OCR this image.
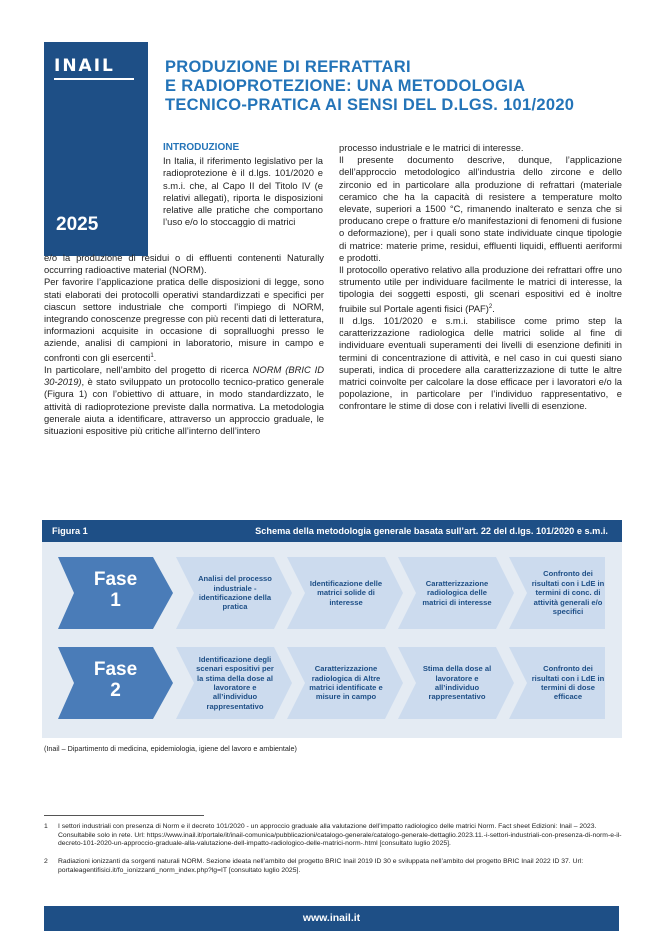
INAIL
2025
PRODUZIONE DI REFRATTARI
E RADIOPROTEZIONE: UNA METODOLOGIA
TECNICO-PRATICA AI SENSI DEL D.LGS. 101/2020

INTRODUZIONE

In Italia, il riferimento legislativo per la radioprotezione è il d.lgs. 101/2020 e s.m.i. che, al Capo II del Titolo IV (e relativi allegati), riporta le disposizioni relative alle pratiche che comportano l’uso e/o lo stoccaggio di matrici

e/o la produzione di residui o di effluenti contenenti Naturally occurring radioactive material (NORM).

Per favorire l’applicazione pratica delle disposizioni di legge, sono stati elaborati dei protocolli operativi standardizzati e specifici per ciascun settore industriale che comporti l’impiego di NORM, integrando conoscenze pregresse con più recenti dati di letteratura, informazioni acquisite in occasione di sopralluoghi presso le aziende, analisi di campioni in laboratorio, misure in campo e confronti con gli esercenti$^1$.

In particolare, nell’ambito del progetto di ricerca NORM (BRIC ID 30-2019), è stato sviluppato un protocollo tecnico-pratico generale (Figura 1) con l’obiettivo di attuare, in modo standardizzato, le attività di radioprotezione previste dalla normativa. La metodologia generale aiuta a identificare, attraverso un approccio graduale, le situazioni espositive più critiche all’interno dell’intero

processo industriale e le matrici di interesse.

Il presente documento descrive, dunque, l’applicazione dell’approccio metodologico all’industria dello zircone e dello zirconio ed in particolare alla produzione di refrattari (materiale ceramico che ha la capacità di resistere a temperature molto elevate, superiori a 1500 °C, rimanendo inalterato e senza che si producano crepe o fratture e/o manifestazioni di fenomeni di fusione o deformazione), per i quali sono state individuate cinque tipologie di matrice: materie prime, residui, effluenti liquidi, effluenti aeriformi e prodotti.

Il protocollo operativo relativo alla produzione dei refrattari offre uno strumento utile per individuare facilmente le matrici di interesse, la tipologia dei soggetti esposti, gli scenari espositivi ed è inoltre fruibile sul Portale agenti fisici (PAF)$^2$.

Il d.lgs. 101/2020 e s.m.i. stabilisce come primo step la caratterizzazione radiologica delle matrici solide al fine di individuare eventuali superamenti dei livelli di esenzione definiti in termini di concentrazione di attività, e nel caso in cui questi siano superati, indica di procedere alla caratterizzazione di tutte le altre matrici coinvolte per calcolare la dose efficace per i lavoratori e/o la popolazione, in particolare per l’individuo rappresentativo, e confrontare le stime di dose con i relativi livelli di esenzione.

Figura 1	Schema della metodologia generale basata sull’art. 22 del d.lgs. 101/2020 e s.m.i.
Fase
1
Analisi del processo industriale - identificazione della pratica
Identificazione delle matrici solide di interesse
Caratterizzazione radiologica delle matrici di interesse
Confronto dei risultati con i LdE in termini di conc. di attività generali e/o specifici
Fase
2
Identificazione degli scenari espositivi per la stima della dose al lavoratore e all’individuo rappresentativo
Caratterizzazione radiologica di Altre matrici identificate e misure in campo
Stima della dose al lavoratore e all’individuo rappresentativo
Confronto dei risultati con i LdE in termini di dose efficace
(Inail – Dipartimento di medicina, epidemiologia, igiene del lavoro e ambientale)
1 I settori industriali con presenza di Norm e il decreto 101/2020 - un approccio graduale alla valutazione dell’impatto radiologico delle matrici Norm. Fact sheet Edizioni: Inail – 2023. Consultabile solo in rete. Url: https://www.inail.it/portale/it/inail-comunica/pubblicazioni/catalogo-generale/catalogo-generale-dettaglio.2023.11.-i-settori-industriali-con-presenza-di-norm-e-il-decreto-101-2020-un-approccio-graduale-alla-valutazione-dell-impatto-radiologico-delle-matrici-norm-.html [consultato luglio 2025].
2 Radiazioni ionizzanti da sorgenti naturali NORM. Sezione ideata nell’ambito del progetto BRIC Inail 2019 ID 30 e sviluppata nell’ambito del progetto BRIC Inail 2022 ID 37. Url: portaleagentifisici.it/fo_ionizzanti_norm_index.php?lg=IT [consultato luglio 2025].
www.inail.it
